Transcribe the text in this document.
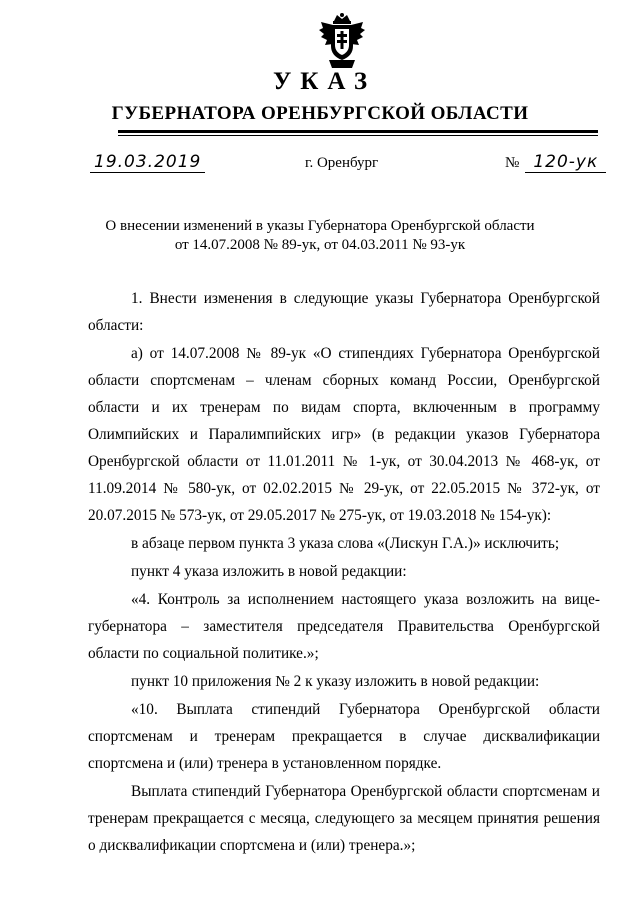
УКАЗ
ГУБЕРНАТОРА ОРЕНБУРГСКОЙ ОБЛАСТИ
19.03.2019	г. Оренбург	№ 120-ук
О внесении изменений в указы Губернатора Оренбургской области
от 14.07.2008 № 89-ук, от 04.03.2011 № 93-ук

1. Внести изменения в следующие указы Губернатора Оренбургской области:

а) от 14.07.2008 № 89-ук «О стипендиях Губернатора Оренбургской области спортсменам – членам сборных команд России, Оренбургской области и их тренерам по видам спорта, включенным в программу Олимпийских и Паралимпийских игр» (в редакции указов Губернатора Оренбургской области от 11.01.2011 № 1-ук, от 30.04.2013 № 468-ук, от 11.09.2014 № 580-ук, от 02.02.2015 № 29-ук, от 22.05.2015 № 372-ук, от 20.07.2015 № 573-ук, от 29.05.2017 № 275-ук, от 19.03.2018 № 154-ук):

в абзаце первом пункта 3 указа слова «(Лискун Г.А.)» исключить;

пункт 4 указа изложить в новой редакции:

«4. Контроль за исполнением настоящего указа возложить на вице-губернатора – заместителя председателя Правительства Оренбургской области по социальной политике.»;

пункт 10 приложения № 2 к указу изложить в новой редакции:

«10. Выплата стипендий Губернатора Оренбургской области спортсменам и тренерам прекращается в случае дисквалификации спортсмена и (или) тренера в установленном порядке.

Выплата стипендий Губернатора Оренбургской области спортсменам и тренерам прекращается с месяца, следующего за месяцем принятия решения о дисквалификации спортсмена и (или) тренера.»;
